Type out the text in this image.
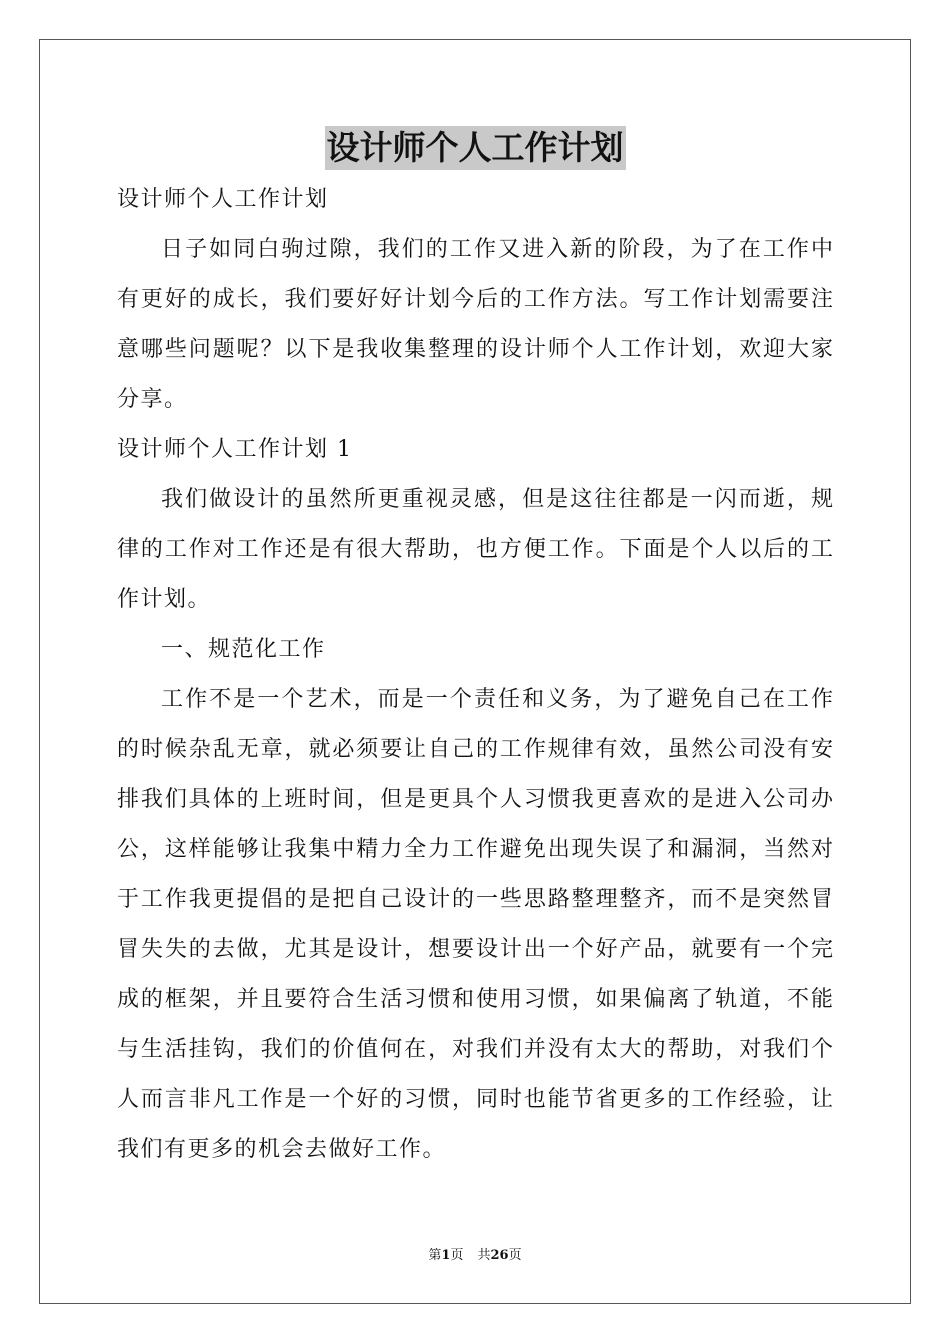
设计师个人工作计划
设计师个人工作计划
日子如同白驹过隙，我们的工作又进入新的阶段，为了在工作中
有更好的成长，我们要好好计划今后的工作方法。写工作计划需要注
意哪些问题呢？以下是我收集整理的设计师个人工作计划，欢迎大家
分享。
设计师个人工作计划 1
我们做设计的虽然所更重视灵感，但是这往往都是一闪而逝，规
律的工作对工作还是有很大帮助，也方便工作。下面是个人以后的工
作计划。
一、规范化工作
工作不是一个艺术，而是一个责任和义务，为了避免自己在工作
的时候杂乱无章，就必须要让自己的工作规律有效，虽然公司没有安
排我们具体的上班时间，但是更具个人习惯我更喜欢的是进入公司办
公，这样能够让我集中精力全力工作避免出现失误了和漏洞，当然对
于工作我更提倡的是把自己设计的一些思路整理整齐，而不是突然冒
冒失失的去做，尤其是设计，想要设计出一个好产品，就要有一个完
成的框架，并且要符合生活习惯和使用习惯，如果偏离了轨道，不能
与生活挂钩，我们的价值何在，对我们并没有太大的帮助，对我们个
人而言非凡工作是一个好的习惯，同时也能节省更多的工作经验，让
我们有更多的机会去做好工作。
第1页 共26页
